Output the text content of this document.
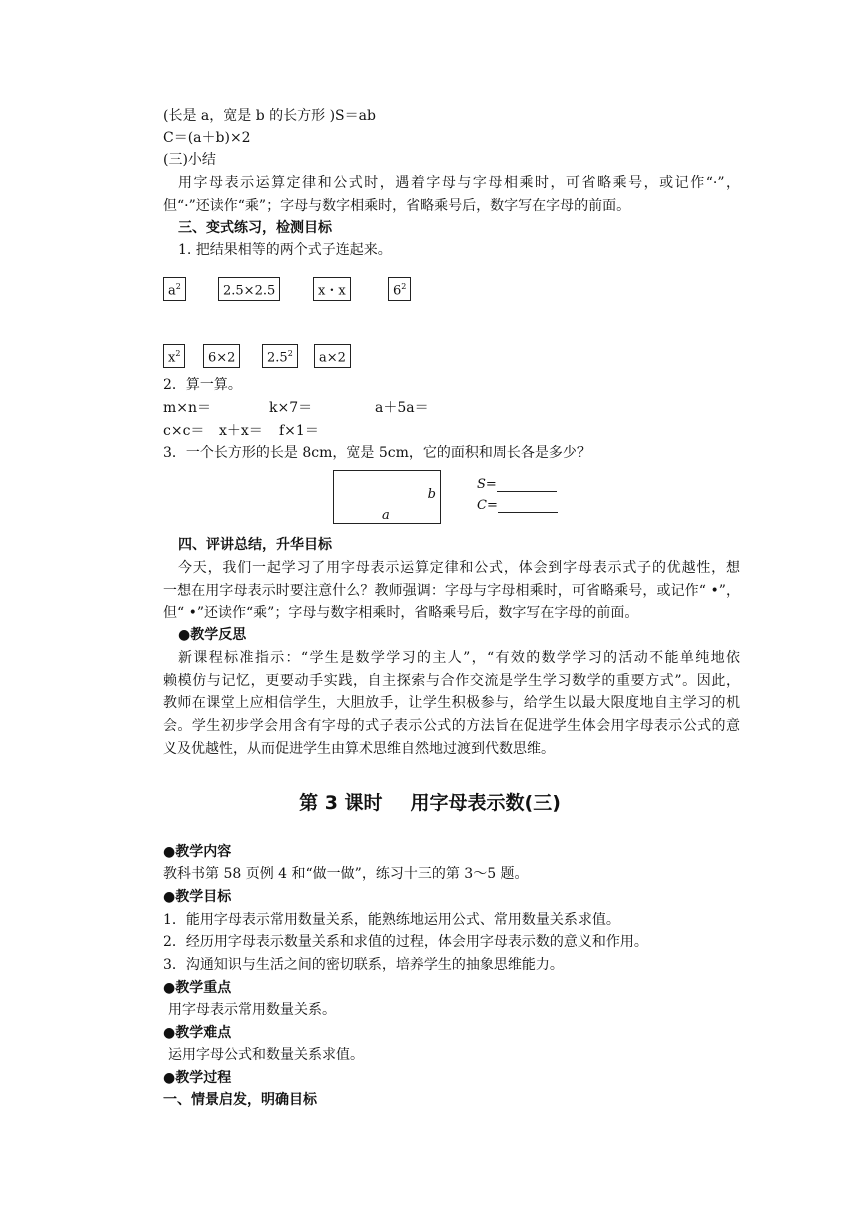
(长是 a，宽是 b 的长方形 )S＝ab
C＝(a＋b)×2
(三)小结
用字母表示运算定律和公式时，遇着字母与字母相乘时，可省略乘号，或记作“·”，
但“·”还读作“乘”；字母与数字相乘时，省略乘号后，数字写在字母的前面。
三、变式练习，检测目标
1. 把结果相等的两个式子连起来。
$a^2$	2.5×2.5	x・x	$6^2$
$x^2$	6×2	$2.5^2$	a×2
2．算一算。
m×n＝	k×7＝	a＋5a＝
c×c＝ x＋x＝ f×1＝
3．一个长方形的长是 8cm，宽是 5cm，它的面积和周长各是多少？
b
a
S=
C=
四、评讲总结，升华目标
今天，我们一起学习了用字母表示运算定律和公式，体会到字母表示式子的优越性，想
一想在用字母表示时要注意什么？教师强调：字母与字母相乘时，可省略乘号，或记作“ •”，
但“ •”还读作“乘”；字母与数字相乘时，省略乘号后，数字写在字母的前面。
●教学反思
新课程标准指示：“学生是数学学习的主人”，“有效的数学学习的活动不能单纯地依
赖模仿与记忆，更要动手实践，自主探索与合作交流是学生学习数学的重要方式”。因此，
教师在课堂上应相信学生，大胆放手，让学生积极参与，给学生以最大限度地自主学习的机
会。学生初步学会用含有字母的式子表示公式的方法旨在促进学生体会用字母表示公式的意
义及优越性，从而促进学生由算术思维自然地过渡到代数思维。
第 3 课时 用字母表示数(三)
●教学内容
教科书第 58 页例 4 和“做一做”，练习十三的第 3～5 题。
●教学目标
1．能用字母表示常用数量关系，能熟练地运用公式、常用数量关系求值。
2．经历用字母表示数量关系和求值的过程，体会用字母表示数的意义和作用。
3．沟通知识与生活之间的密切联系，培养学生的抽象思维能力。
●教学重点
用字母表示常用数量关系。
●教学难点
运用字母公式和数量关系求值。
●教学过程
一、情景启发，明确目标
